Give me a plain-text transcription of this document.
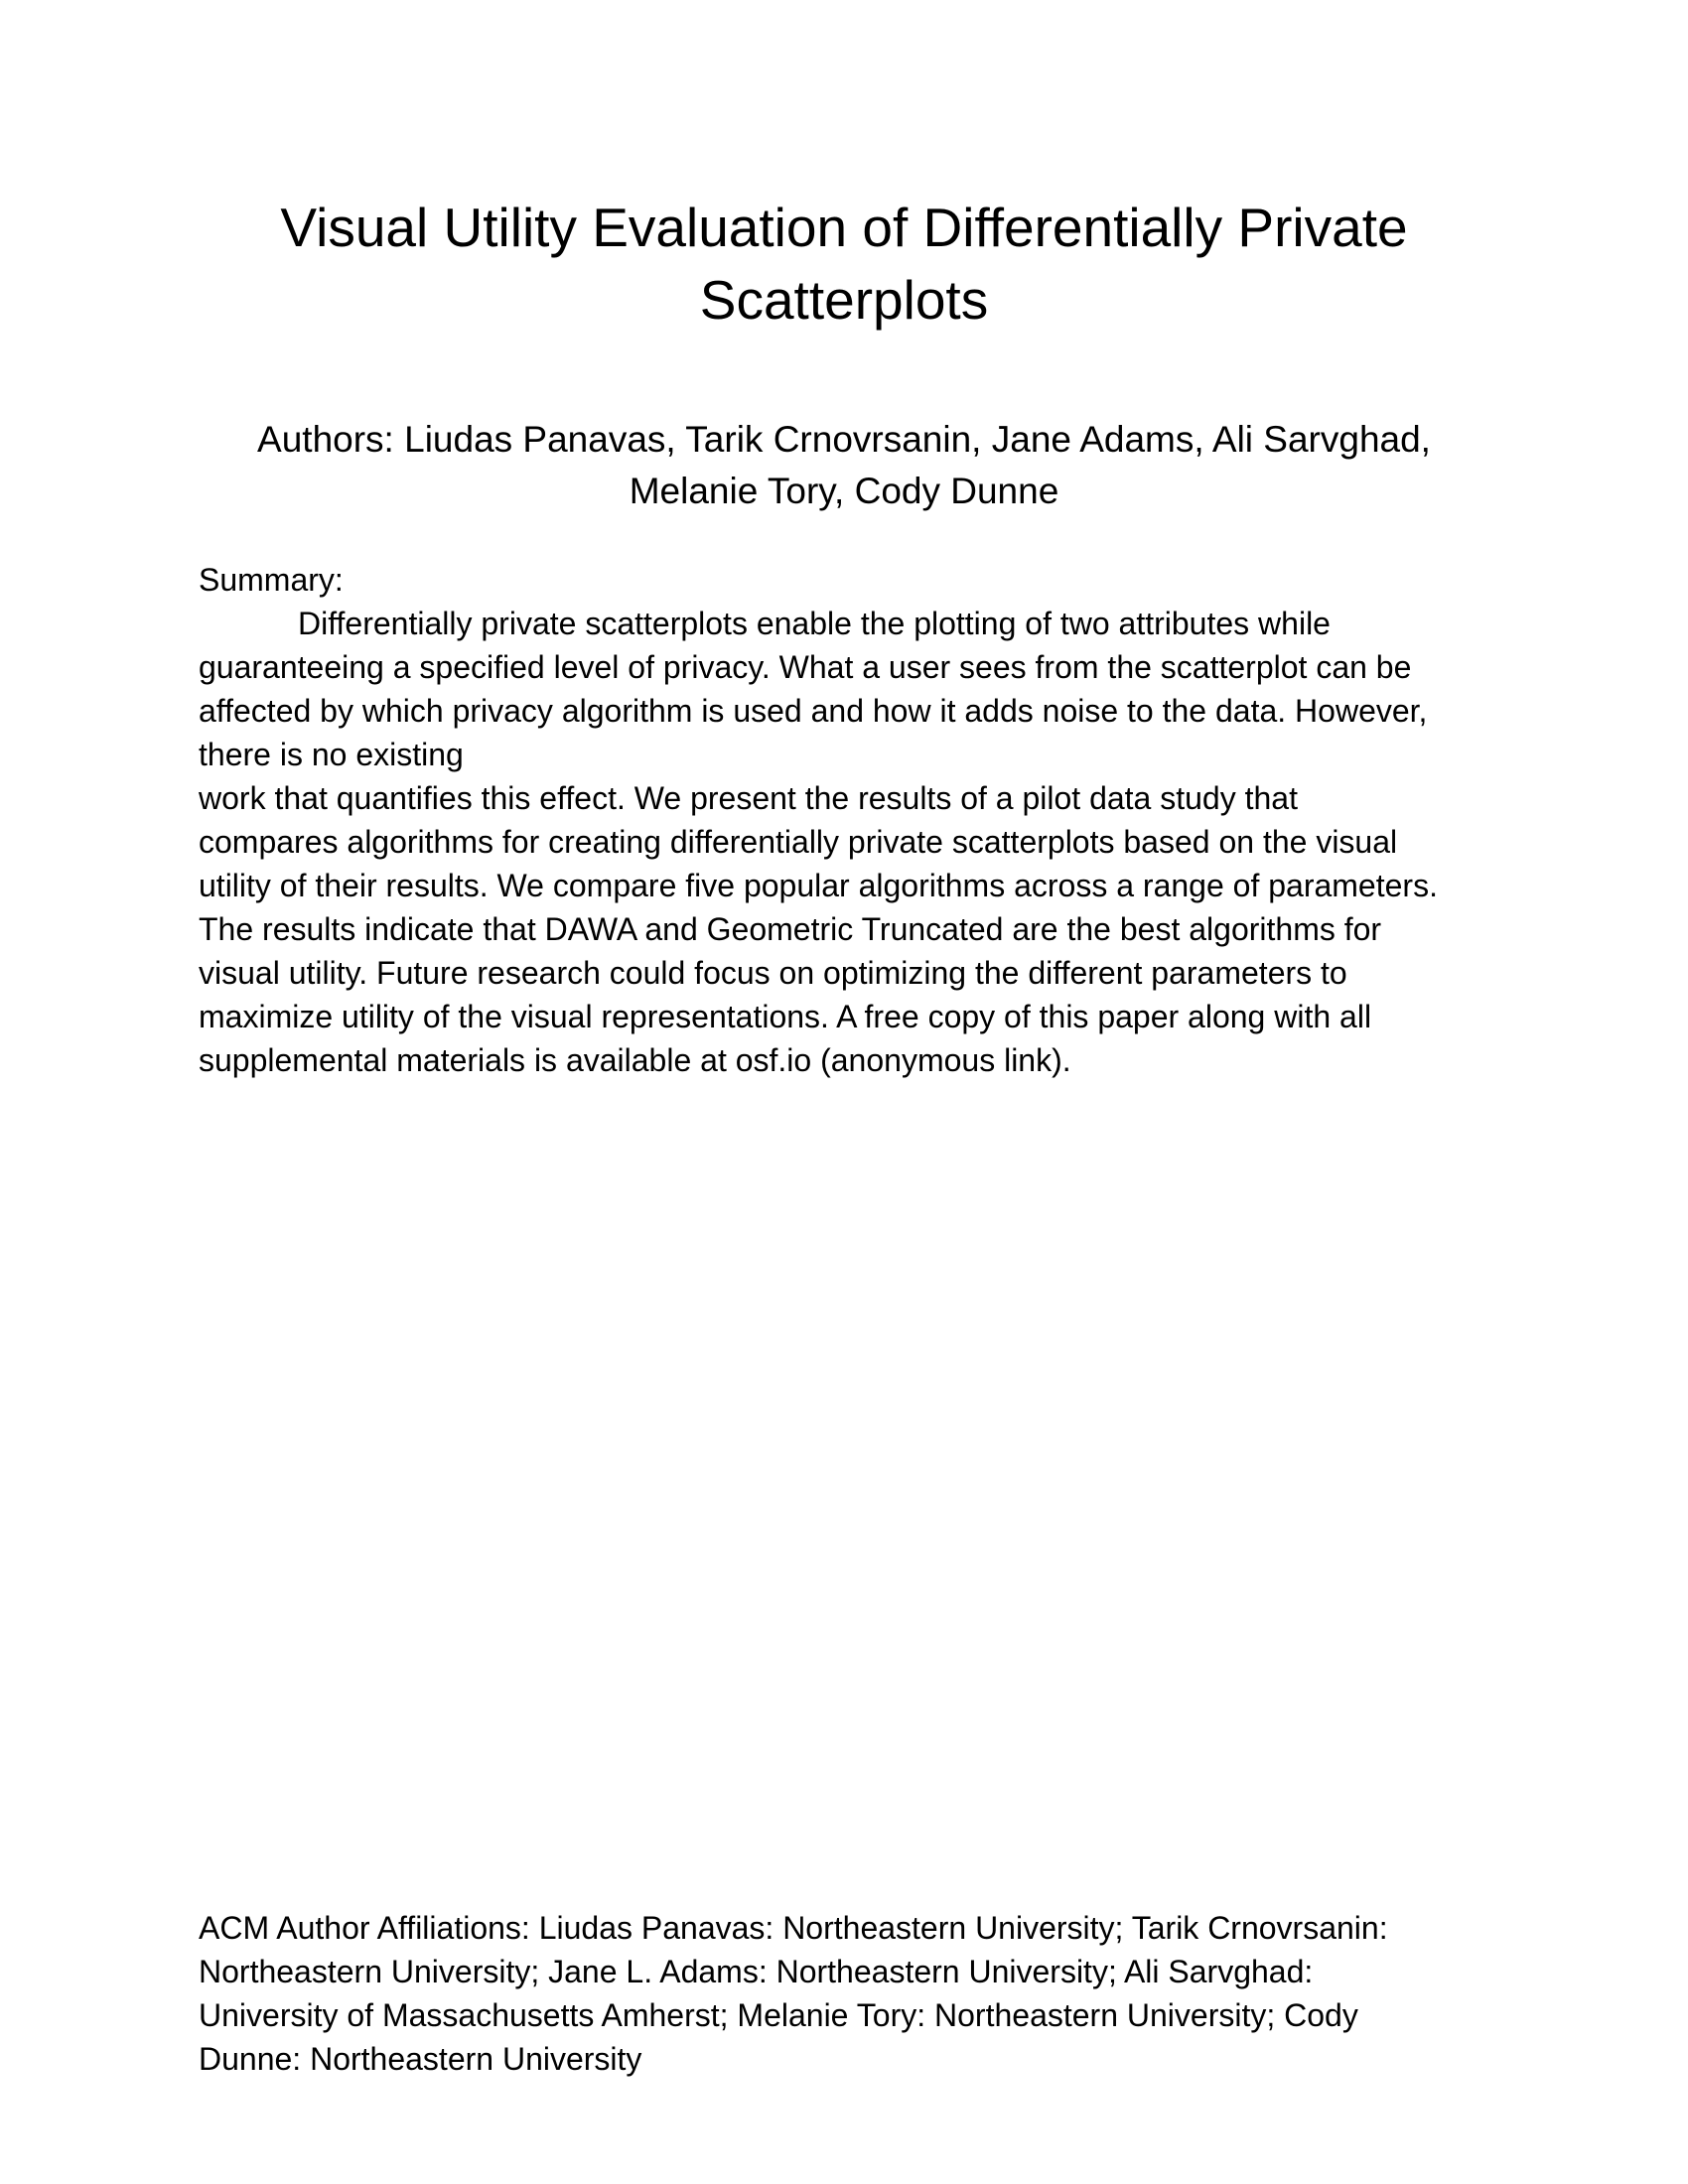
Visual Utility Evaluation of Differentially Private
Scatterplots

Authors: Liudas Panavas, Tarik Crnovrsanin, Jane Adams, Ali Sarvghad,
Melanie Tory, Cody Dunne

Summary:

Differentially private scatterplots enable the plotting of two attributes while
guaranteeing a specified level of privacy. What a user sees from the scatterplot can be
affected by which privacy algorithm is used and how it adds noise to the data. However,
there is no existing
work that quantifies this effect. We present the results of a pilot data study that
compares algorithms for creating differentially private scatterplots based on the visual
utility of their results. We compare five popular algorithms across a range of parameters.
The results indicate that DAWA and Geometric Truncated are the best algorithms for
visual utility. Future research could focus on optimizing the different parameters to
maximize utility of the visual representations. A free copy of this paper along with all
supplemental materials is available at osf.io (anonymous link).

ACM Author Affiliations: Liudas Panavas: Northeastern University; Tarik Crnovrsanin:
Northeastern University; Jane L. Adams: Northeastern University; Ali Sarvghad:
University of Massachusetts Amherst; Melanie Tory: Northeastern University; Cody
Dunne: Northeastern University
